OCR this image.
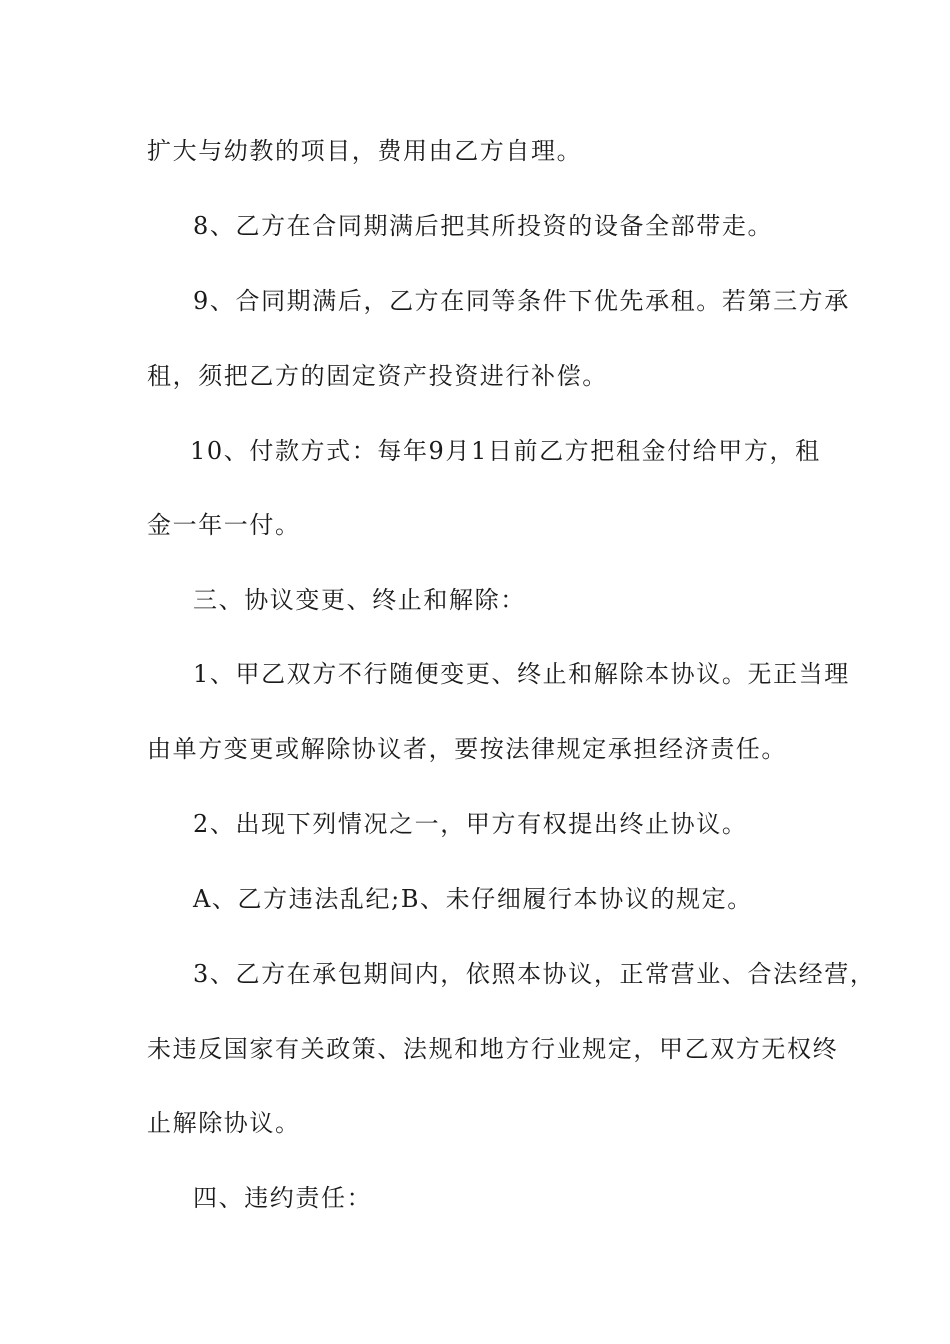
扩大与幼教的项目，费用由乙方自理。
8、乙方在合同期满后把其所投资的设备全部带走。
9、合同期满后，乙方在同等条件下优先承租。若第三方承
租，须把乙方的固定资产投资进行补偿。
10、付款方式：每年9月1日前乙方把租金付给甲方，租
金一年一付。
三、协议变更、终止和解除：
1、甲乙双方不行随便变更、终止和解除本协议。无正当理
由单方变更或解除协议者，要按法律规定承担经济责任。
2、出现下列情况之一，甲方有权提出终止协议。
A、乙方违法乱纪;B、未仔细履行本协议的规定。
3、乙方在承包期间内，依照本协议，正常营业、合法经营，
未违反国家有关政策、法规和地方行业规定，甲乙双方无权终
止解除协议。
四、违约责任：
